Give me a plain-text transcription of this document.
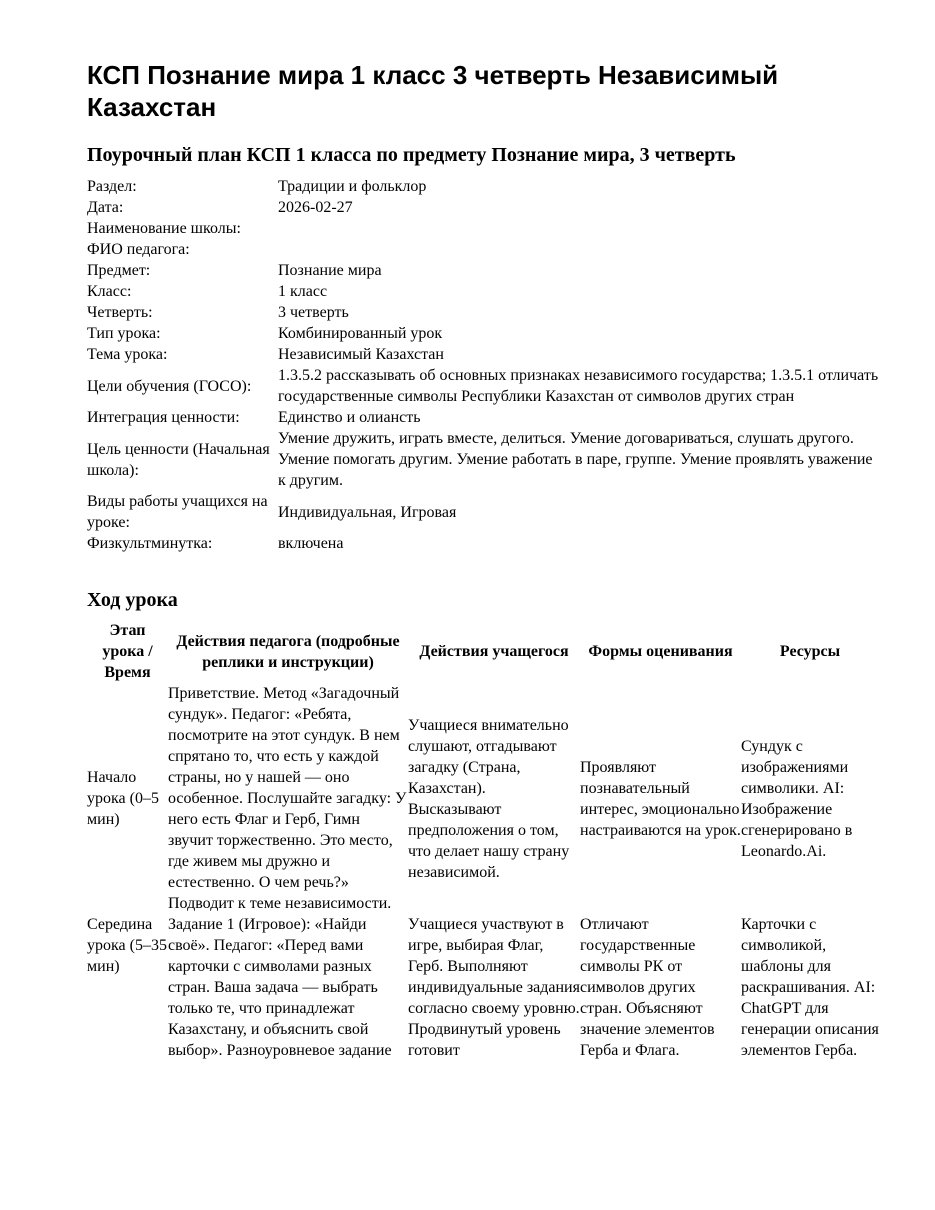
КСП Познание мира 1 класс 3 четверть Независимый Казахстан
Поурочный план КСП 1 класса по предмету Познание мира, 3 четверть
Раздел:	Традиции и фольклор
Дата:	2026-02-27
Наименование школы:	
ФИО педагога:	
Предмет:	Познание мира
Класс:	1 класс
Четверть:	3 четверть
Тип урока:	Комбинированный урок
Тема урока:	Независимый Казахстан
Цели обучения (ГОСО):	1.3.5.2 рассказывать об основных признаках независимого государства; 1.3.5.1 отличать государственные символы Республики Казахстан от символов других стран
Интеграция ценности:	Единство и олиансть
Цель ценности (Начальная школа):	Умение дружить, играть вместе, делиться. Умение договариваться, слушать другого. Умение помогать другим. Умение работать в паре, группе. Умение проявлять уважение к другим.
Виды работы учащихся на уроке:	Индивидуальная, Игровая
Физкультминутка:	включена
Ход урока
Этап урока / Время	Действия педагога (подробные реплики и инструкции)	Действия учащегося	Формы оценивания	Ресурсы
Начало урока (0–5 мин)	Приветствие. Метод «Загадочный сундук». Педагог: «Ребята, посмотрите на этот сундук. В нем спрятано то, что есть у каждой страны, но у нашей — оно особенное. Послушайте загадку: У него есть Флаг и Герб, Гимн звучит торжественно. Это место, где живем мы дружно и естественно. О чем речь?» Подводит к теме независимости.	Учащиеся внимательно слушают, отгадывают загадку (Страна, Казахстан). Высказывают предположения о том, что делает нашу страну независимой.	Проявляют познавательный интерес, эмоционально настраиваются на урок.	Сундук с изображениями символики. AI: Изображение сгенерировано в Leonardo.Ai.
Середина урока (5–35 мин)	Задание 1 (Игровое): «Найди своё». Педагог: «Перед вами карточки с символами разных стран. Ваша задача — выбрать только те, что принадлежат Казахстану, и объяснить свой выбор». Разноуровневое задание	Учащиеся участвуют в игре, выбирая Флаг, Герб. Выполняют индивидуальные задания согласно своему уровню. Продвинутый уровень готовит	Отличают государственные символы РК от символов других стран. Объясняют значение элементов Герба и Флага.	Карточки с символикой, шаблоны для раскрашивания. AI: ChatGPT для генерации описания элементов Герба.
